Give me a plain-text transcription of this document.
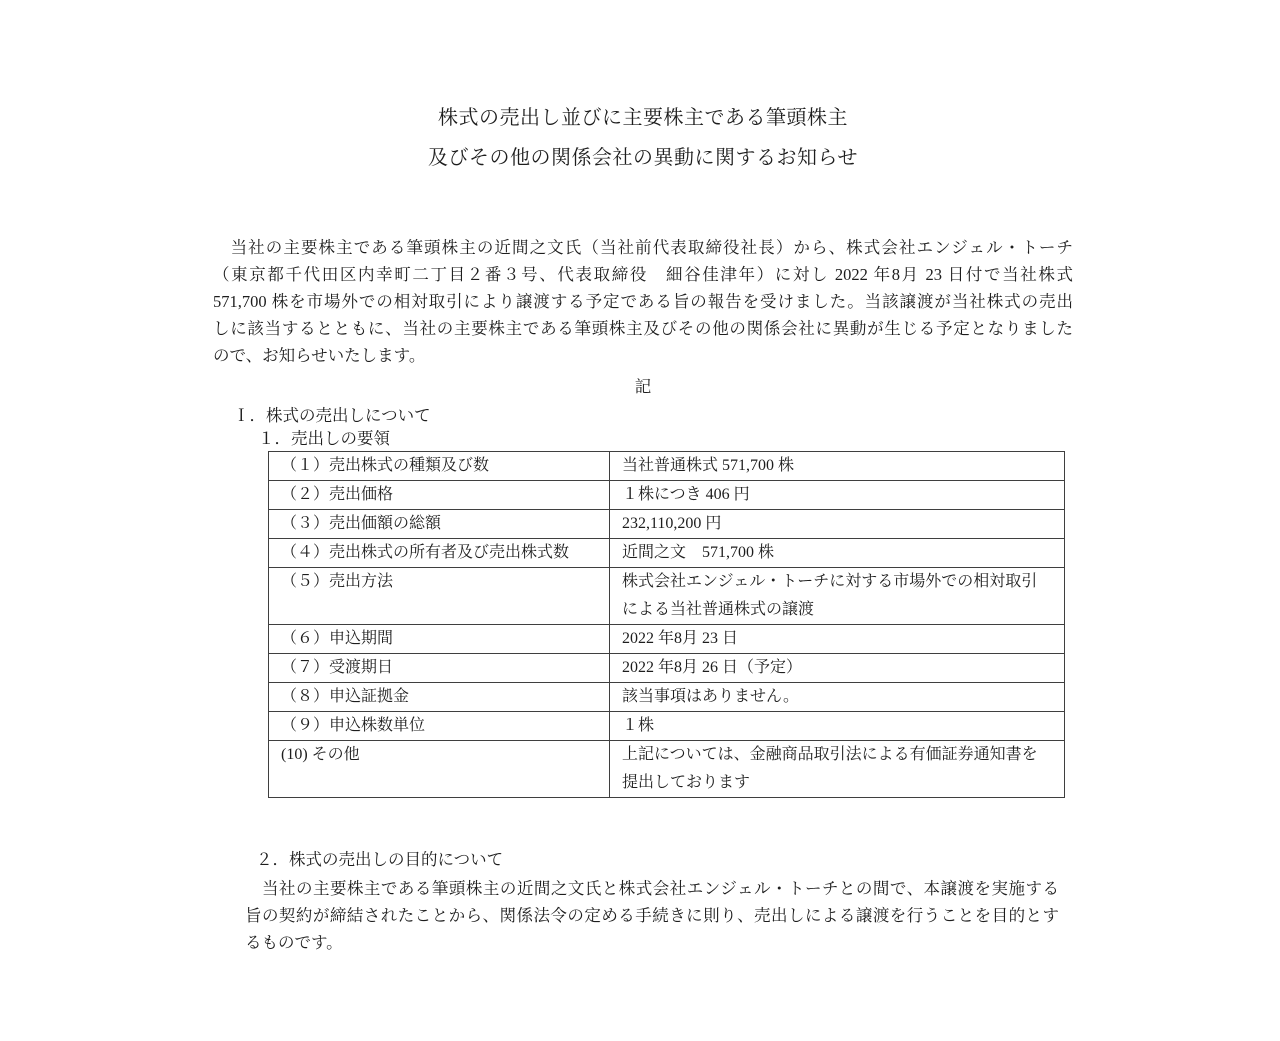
株式の売出し並びに主要株主である筆頭株主
及びその他の関係会社の異動に関するお知らせ
　当社の主要株主である筆頭株主の近間之文氏（当社前代表取締役社長）から、株式会社エンジェル・トーチ
（東京都千代田区内幸町二丁目２番３号、代表取締役　細谷佳津年）に対し 2022 年8月 23 日付で当社株式
571,700 株を市場外での相対取引により譲渡する予定である旨の報告を受けました。当該譲渡が当社株式の売出
しに該当するとともに、当社の主要株主である筆頭株主及びその他の関係会社に異動が生じる予定となりました
ので、お知らせいたします。
記
Ｉ．株式の売出しについて
１．売出しの要領
（１）売出株式の種類及び数	当社普通株式 571,700 株
（２）売出価格	１株につき 406 円
（３）売出価額の総額	232,110,200 円
（４）売出株式の所有者及び売出株式数	近間之文　571,700 株
（５）売出方法	株式会社エンジェル・トーチに対する市場外での相対取引
による当社普通株式の譲渡
（６）申込期間	2022 年8月 23 日
（７）受渡期日	2022 年8月 26 日（予定）
（８）申込証拠金	該当事項はありません。
（９）申込株数単位	１株
(10) その他	上記については、金融商品取引法による有価証券通知書を
提出しております
２．株式の売出しの目的について
　当社の主要株主である筆頭株主の近間之文氏と株式会社エンジェル・トーチとの間で、本譲渡を実施する
旨の契約が締結されたことから、関係法令の定める手続きに則り、売出しによる譲渡を行うことを目的とす
るものです。
